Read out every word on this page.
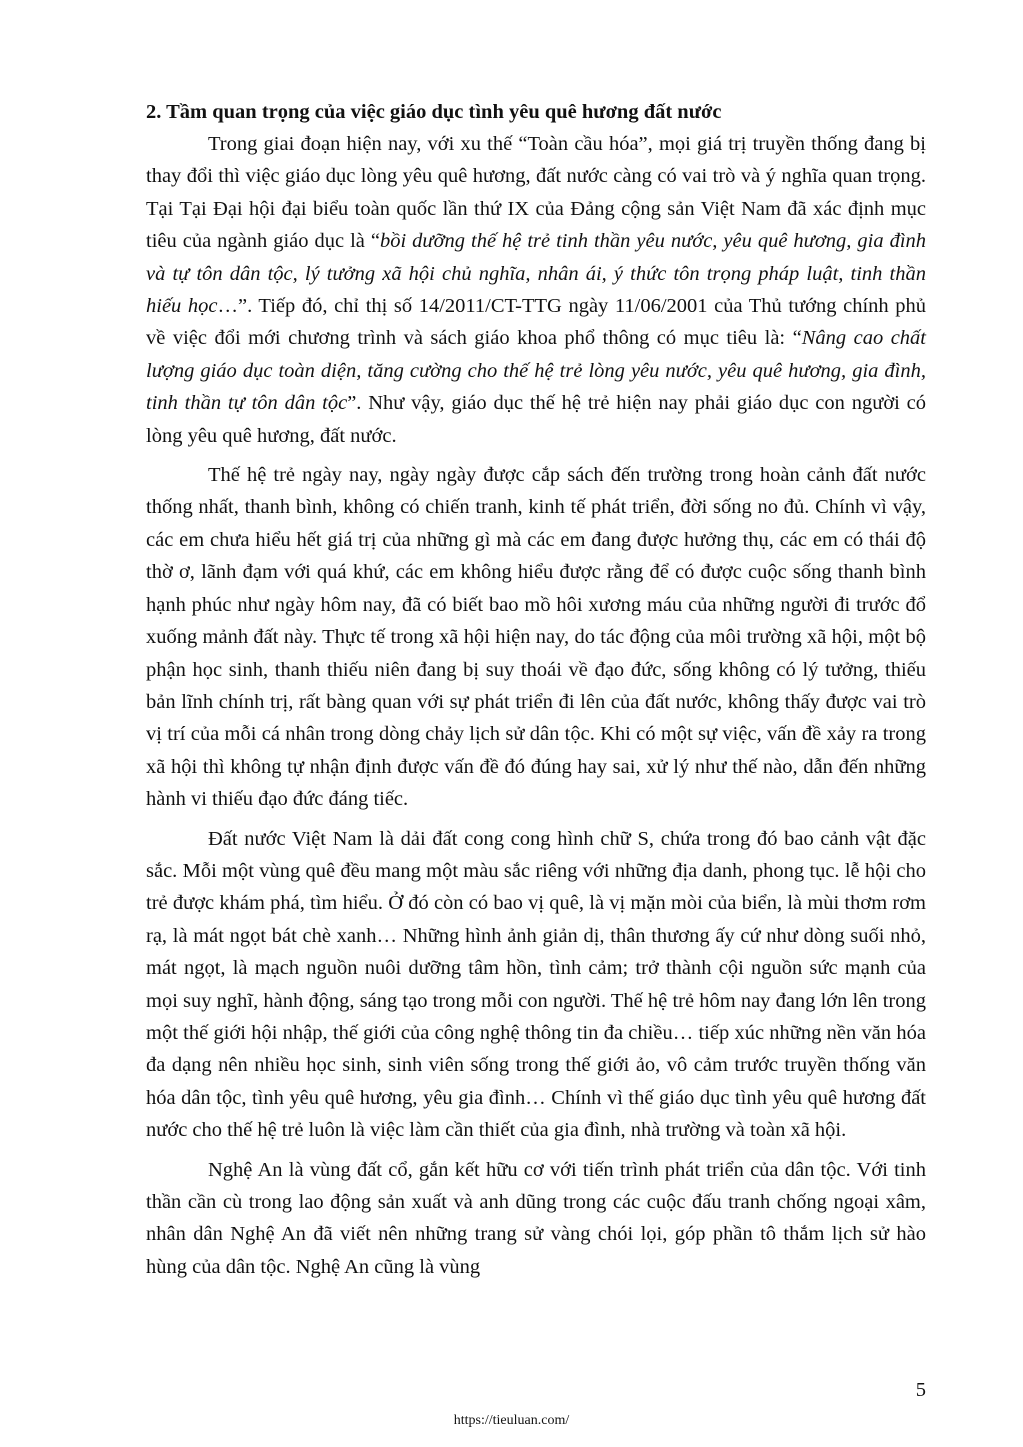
2. Tầm quan trọng của việc giáo dục tình yêu quê hương đất nước

Trong giai đoạn hiện nay, với xu thế “Toàn cầu hóa”, mọi giá trị truyền thống đang bị thay đổi thì việc giáo dục lòng yêu quê hương, đất nước càng có vai trò và ý nghĩa quan trọng. Tại Tại Đại hội đại biểu toàn quốc lần thứ IX của Đảng cộng sản Việt Nam đã xác định mục tiêu của ngành giáo dục là “bồi dưỡng thế hệ trẻ tinh thần yêu nước, yêu quê hương, gia đình và tự tôn dân tộc, lý tưởng xã hội chủ nghĩa, nhân ái, ý thức tôn trọng pháp luật, tinh thần hiếu học…”. Tiếp đó, chỉ thị số 14/2011/CT-TTG ngày 11/06/2001 của Thủ tướng chính phủ về việc đổi mới chương trình và sách giáo khoa phổ thông có mục tiêu là: “Nâng cao chất lượng giáo dục toàn diện, tăng cường cho thế hệ trẻ lòng yêu nước, yêu quê hương, gia đình, tinh thần tự tôn dân tộc”. Như vậy, giáo dục thế hệ trẻ hiện nay phải giáo dục con người có lòng yêu quê hương, đất nước.

Thế hệ trẻ ngày nay, ngày ngày được cắp sách đến trường trong hoàn cảnh đất nước thống nhất, thanh bình, không có chiến tranh, kinh tế phát triển, đời sống no đủ. Chính vì vậy, các em chưa hiểu hết giá trị của những gì mà các em đang được hưởng thụ, các em có thái độ thờ ơ, lãnh đạm với quá khứ, các em không hiểu được rằng để có được cuộc sống thanh bình hạnh phúc như ngày hôm nay, đã có biết bao mồ hôi xương máu của những người đi trước đổ xuống mảnh đất này. Thực tế trong xã hội hiện nay, do tác động của môi trường xã hội, một bộ phận học sinh, thanh thiếu niên đang bị suy thoái về đạo đức, sống không có lý tưởng, thiếu bản lĩnh chính trị, rất bàng quan với sự phát triển đi lên của đất nước, không thấy được vai trò vị trí của mỗi cá nhân trong dòng chảy lịch sử dân tộc. Khi có một sự việc, vấn đề xảy ra trong xã hội thì không tự nhận định được vấn đề đó đúng hay sai, xử lý như thế nào, dẫn đến những hành vi thiếu đạo đức đáng tiếc.

Đất nước Việt Nam là dải đất cong cong hình chữ S, chứa trong đó bao cảnh vật đặc sắc. Mỗi một vùng quê đều mang một màu sắc riêng với những địa danh, phong tục. lễ hội cho trẻ được khám phá, tìm hiểu. Ở đó còn có bao vị quê, là vị mặn mòi của biển, là mùi thơm rơm rạ, là mát ngọt bát chè xanh… Những hình ảnh giản dị, thân thương ấy cứ như dòng suối nhỏ, mát ngọt, là mạch nguồn nuôi dưỡng tâm hồn, tình cảm; trở thành cội nguồn sức mạnh của mọi suy nghĩ, hành động, sáng tạo trong mỗi con người. Thế hệ trẻ hôm nay đang lớn lên trong một thế giới hội nhập, thế giới của công nghệ thông tin đa chiều… tiếp xúc những nền văn hóa đa dạng nên nhiều học sinh, sinh viên sống trong thế giới ảo, vô cảm trước truyền thống văn hóa dân tộc, tình yêu quê hương, yêu gia đình… Chính vì thế giáo dục tình yêu quê hương đất nước cho thế hệ trẻ luôn là việc làm cần thiết của gia đình, nhà trường và toàn xã hội.

Nghệ An là vùng đất cổ, gắn kết hữu cơ với tiến trình phát triển của dân tộc. Với tinh thần cần cù trong lao động sản xuất và anh dũng trong các cuộc đấu tranh chống ngoại xâm, nhân dân Nghệ An đã viết nên những trang sử vàng chói lọi, góp phần tô thắm lịch sử hào hùng của dân tộc. Nghệ An cũng là vùng

5
https://tieuluan.com/
